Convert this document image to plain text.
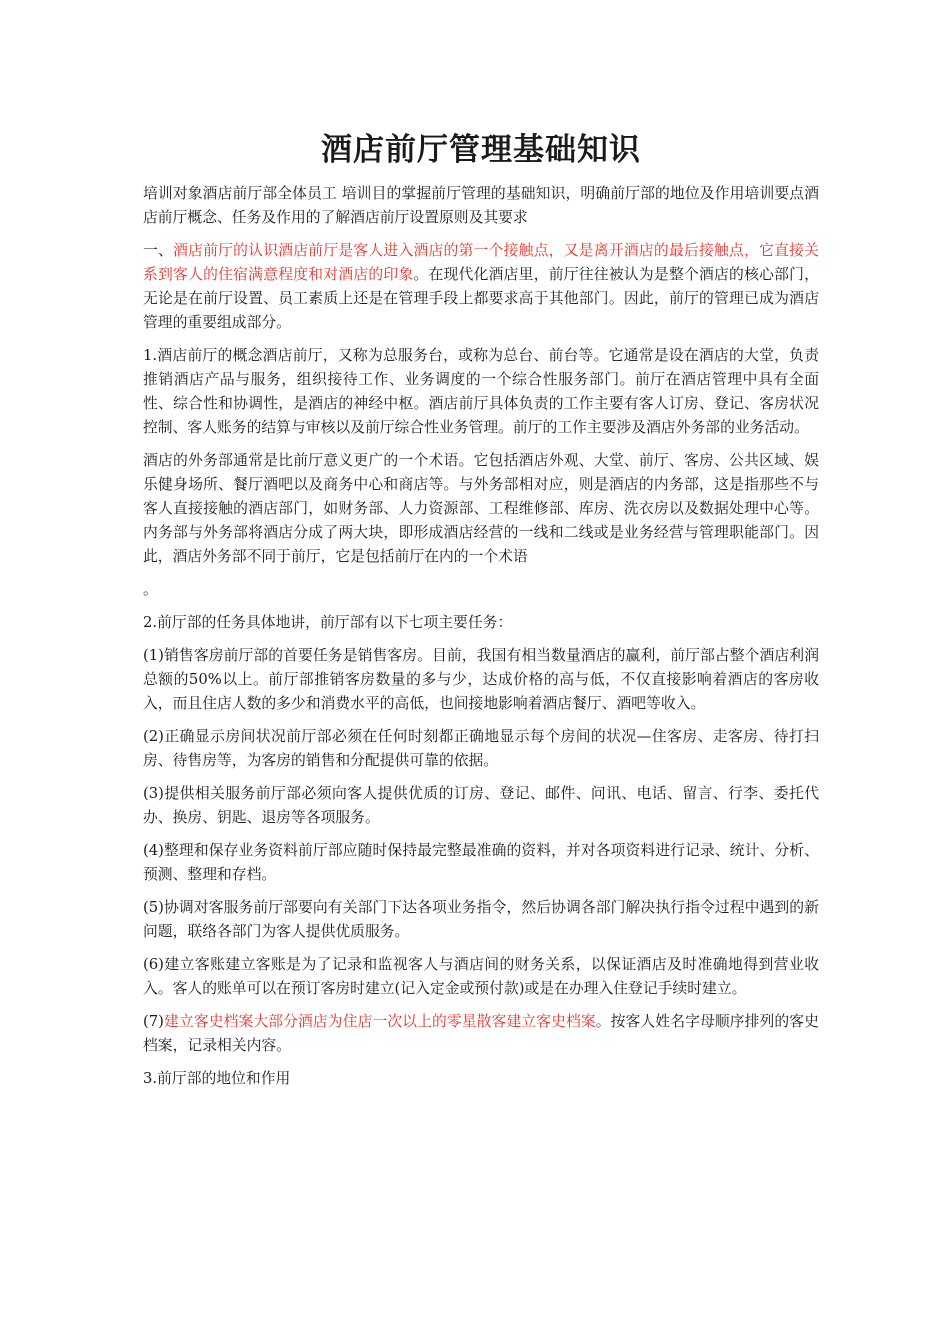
酒店前厅管理基础知识

培训对象酒店前厅部全体员工 培训目的掌握前厅管理的基础知识，明确前厅部的地位及作用培训要点酒店前厅概念、任务及作用的了解酒店前厅设置原则及其要求

一、酒店前厅的认识酒店前厅是客人进入酒店的第一个接触点，又是离开酒店的最后接触点，它直接关系到客人的住宿满意程度和对酒店的印象。在现代化酒店里，前厅往往被认为是整个酒店的核心部门，无论是在前厅设置、员工素质上还是在管理手段上都要求高于其他部门。因此，前厅的管理已成为酒店管理的重要组成部分。

1.酒店前厅的概念酒店前厅，又称为总服务台，或称为总台、前台等。它通常是设在酒店的大堂，负责推销酒店产品与服务，组织接待工作、业务调度的一个综合性服务部门。前厅在酒店管理中具有全面性、综合性和协调性，是酒店的神经中枢。酒店前厅具体负责的工作主要有客人订房、登记、客房状况控制、客人账务的结算与审核以及前厅综合性业务管理。前厅的工作主要涉及酒店外务部的业务活动。

酒店的外务部通常是比前厅意义更广的一个术语。它包括酒店外观、大堂、前厅、客房、公共区域、娱乐健身场所、餐厅酒吧以及商务中心和商店等。与外务部相对应，则是酒店的内务部，这是指那些不与客人直接接触的酒店部门，如财务部、人力资源部、工程维修部、库房、洗衣房以及数据处理中心等。内务部与外务部将酒店分成了两大块，即形成酒店经营的一线和二线或是业务经营与管理职能部门。因此，酒店外务部不同于前厅，它是包括前厅在内的一个术语

。

2.前厅部的任务具体地讲，前厅部有以下七项主要任务：

(1)销售客房前厅部的首要任务是销售客房。目前，我国有相当数量酒店的赢利，前厅部占整个酒店利润总额的50%以上。前厅部推销客房数量的多与少，达成价格的高与低，不仅直接影响着酒店的客房收入，而且住店人数的多少和消费水平的高低，也间接地影响着酒店餐厅、酒吧等收入。

(2)正确显示房间状况前厅部必须在任何时刻都正确地显示每个房间的状况—住客房、走客房、待打扫房、待售房等，为客房的销售和分配提供可靠的依据。

(3)提供相关服务前厅部必须向客人提供优质的订房、登记、邮件、问讯、电话、留言、行李、委托代办、换房、钥匙、退房等各项服务。

(4)整理和保存业务资料前厅部应随时保持最完整最准确的资料，并对各项资料进行记录、统计、分析、预测、整理和存档。

(5)协调对客服务前厅部要向有关部门下达各项业务指令，然后协调各部门解决执行指令过程中遇到的新问题，联络各部门为客人提供优质服务。

(6)建立客账建立客账是为了记录和监视客人与酒店间的财务关系，以保证酒店及时准确地得到营业收入。客人的账单可以在预订客房时建立(记入定金或预付款)或是在办理入住登记手续时建立。

(7)建立客史档案大部分酒店为住店一次以上的零星散客建立客史档案。按客人姓名字母顺序排列的客史档案，记录相关内容。

3.前厅部的地位和作用
